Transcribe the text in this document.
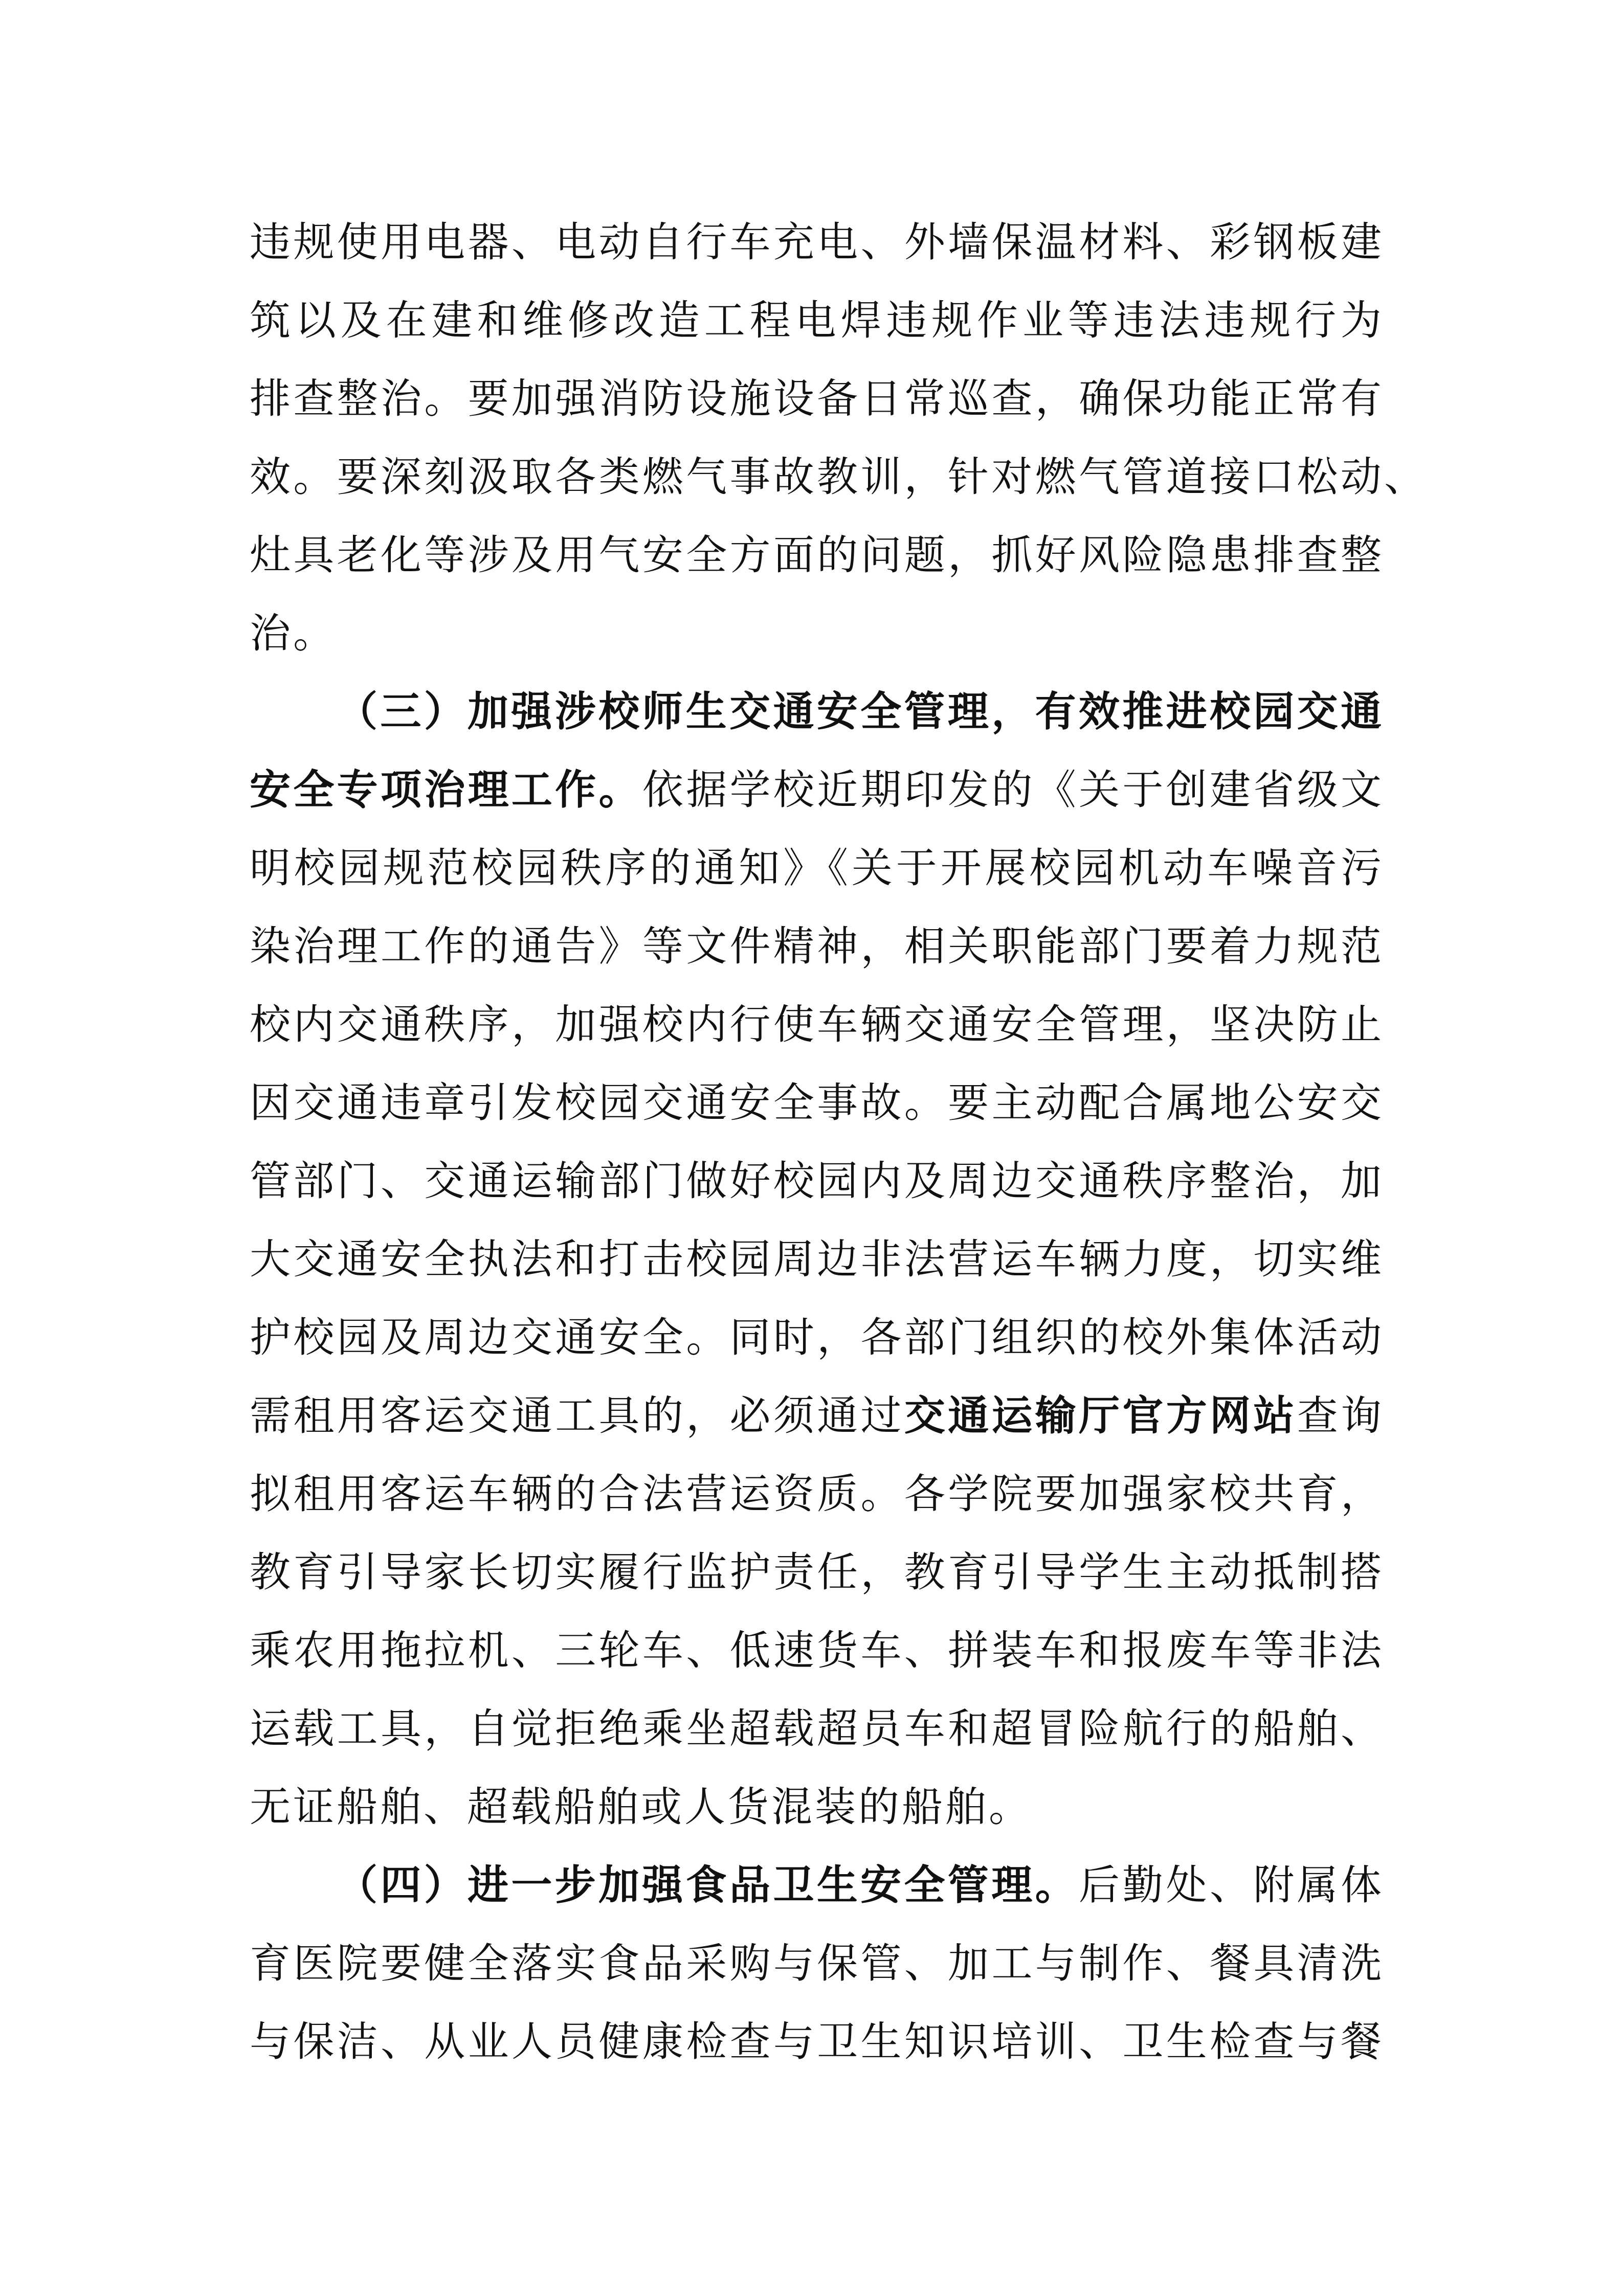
违规使用电器、电动自行车充电、外墙保温材料、彩钢板建
筑以及在建和维修改造工程电焊违规作业等违法违规行为
排查整治。要加强消防设施设备日常巡查，确保功能正常有
效。要深刻汲取各类燃气事故教训，针对燃气管道接口松动、
灶具老化等涉及用气安全方面的问题，抓好风险隐患排查整
治。
（三）加强涉校师生交通安全管理，有效推进校园交通
安全专项治理工作。依据学校近期印发的《关于创建省级文
明校园规范校园秩序的通知》《关于开展校园机动车噪音污
染治理工作的通告》等文件精神，相关职能部门要着力规范
校内交通秩序，加强校内行使车辆交通安全管理，坚决防止
因交通违章引发校园交通安全事故。要主动配合属地公安交
管部门、交通运输部门做好校园内及周边交通秩序整治，加
大交通安全执法和打击校园周边非法营运车辆力度，切实维
护校园及周边交通安全。同时，各部门组织的校外集体活动
需租用客运交通工具的，必须通过交通运输厅官方网站查询
拟租用客运车辆的合法营运资质。各学院要加强家校共育，
教育引导家长切实履行监护责任，教育引导学生主动抵制搭
乘农用拖拉机、三轮车、低速货车、拼装车和报废车等非法
运载工具，自觉拒绝乘坐超载超员车和超冒险航行的船舶、
无证船舶、超载船舶或人货混装的船舶。
（四）进一步加强食品卫生安全管理。后勤处、附属体
育医院要健全落实食品采购与保管、加工与制作、餐具清洗
与保洁、从业人员健康检查与卫生知识培训、卫生检查与餐
